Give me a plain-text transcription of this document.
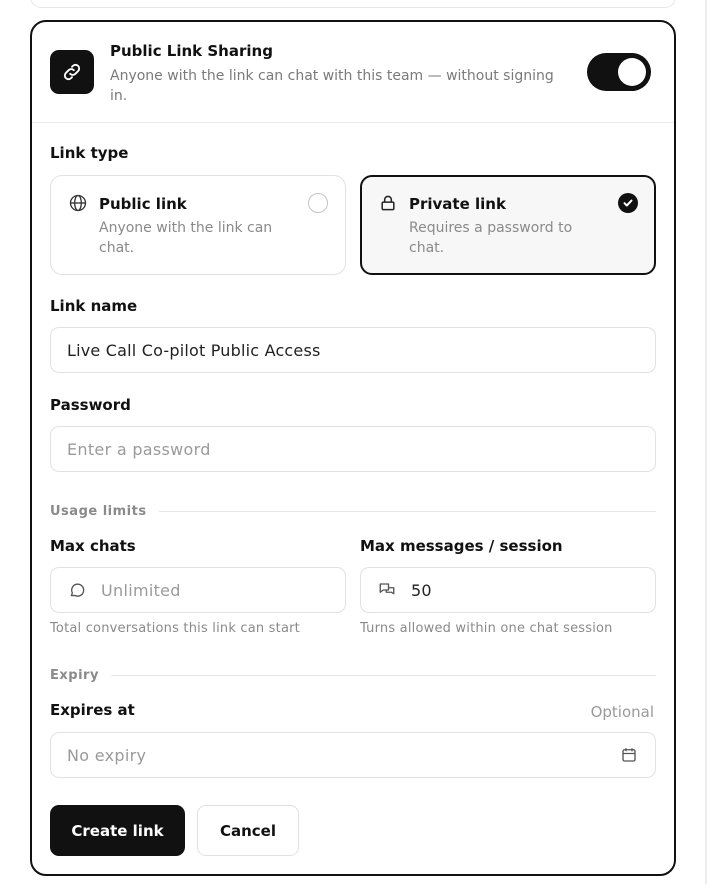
Public Link Sharing
Anyone with the link can chat with this team — without signing in.
Link type
Public link
Anyone with the link can chat.
Private link
Requires a password to chat.
Link name
Live Call Co-pilot Public Access
Password
Enter a password
Usage limits
Max chats
Unlimited
Total conversations this link can start
Max messages / session
50
Turns allowed within one chat session
Expiry
Expires at	Optional
No expiry
Create link	Cancel
